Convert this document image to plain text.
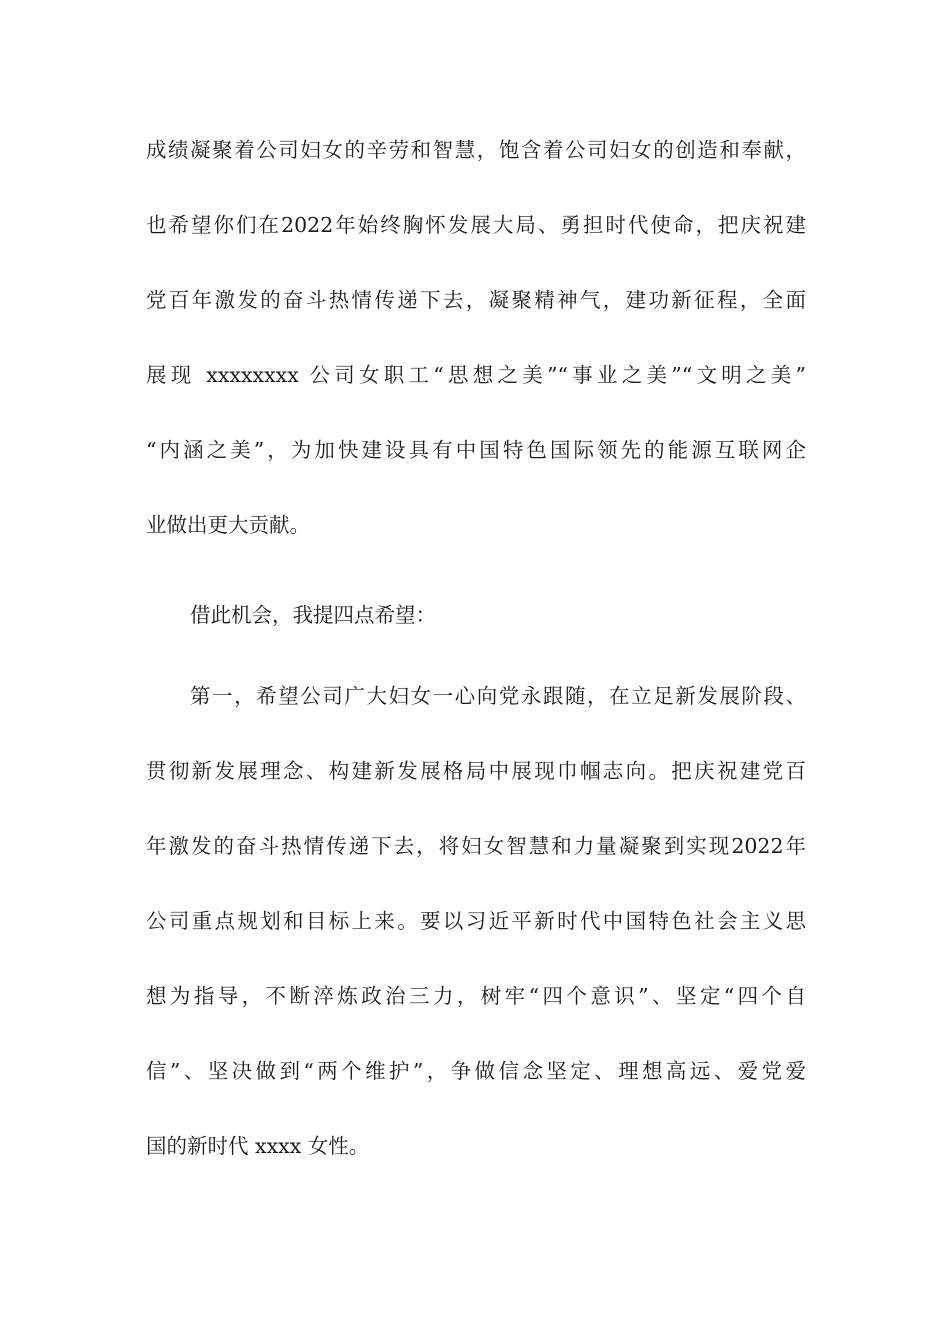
成绩凝聚着公司妇女的辛劳和智慧，饱含着公司妇女的创造和奉献，
也希望你们在2022年始终胸怀发展大局、勇担时代使命，把庆祝建
党百年激发的奋斗热情传递下去，凝聚精神气，建功新征程，全面
展现 xxxxxxxx 公司女职工“思想之美”“事业之美”“文明之美”
“内涵之美”，为加快建设具有中国特色国际领先的能源互联网企
业做出更大贡献。
借此机会，我提四点希望：
第一，希望公司广大妇女一心向党永跟随，在立足新发展阶段、
贯彻新发展理念、构建新发展格局中展现巾帼志向。把庆祝建党百
年激发的奋斗热情传递下去，将妇女智慧和力量凝聚到实现2022年
公司重点规划和目标上来。要以习近平新时代中国特色社会主义思
想为指导，不断淬炼政治三力，树牢“四个意识”、坚定“四个自
信”、坚决做到“两个维护”，争做信念坚定、理想高远、爱党爱
国的新时代 xxxx 女性。
